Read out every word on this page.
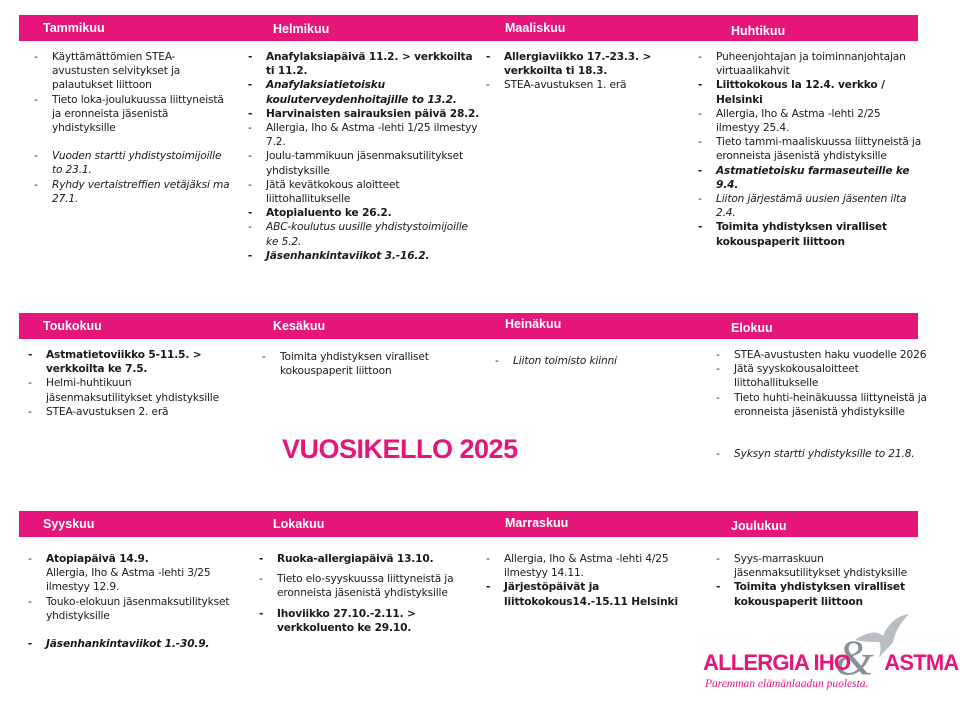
Tammikuu	Helmikuu	Maaliskuu	Huhtikuu
Toukokuu	Kesäkuu	Heinäkuu	Elokuu
Syyskuu	Lokakuu	Marraskuu	Joulukuu
- Käyttämättömien STEA-avustusten selvitykset ja palautukset liittoon
- Tieto loka-joulukuussa liittyneistä ja eronneista jäsenistä yhdistyksille
- Vuoden startti yhdistystoimijoille to 23.1.
- Ryhdy vertaistreffien vetäjäksi ma 27.1.
- Anafylaksiapäivä 11.2. > verkkoilta ti 11.2.
- Anafylaksiatietoisku kouluterveydenhoitajille to 13.2.
- Harvinaisten sairauksien päivä 28.2.
- Allergia, Iho & Astma -lehti 1/25 ilmestyy 7.2.
- Joulu-tammikuun jäsenmaksutilitykset yhdistyksille
- Jätä kevätkokous aloitteet liittohallitukselle
- Atopialuento ke 26.2.
- ABC-koulutus uusille yhdistystoimijoille ke 5.2.
- Jäsenhankintaviikot 3.-16.2.
- Allergiaviikko 17.-23.3. > verkkoilta ti 18.3.
- STEA-avustuksen 1. erä
- Puheenjohtajan ja toiminnanjohtajan virtuaalikahvit
- Liittokokous la 12.4. verkko / Helsinki
- Allergia, Iho & Astma -lehti 2/25 ilmestyy 25.4.
- Tieto tammi-maaliskuussa liittyneistä ja eronneista jäsenistä yhdistyksille
- Astmatietoisku farmaseuteille ke 9.4.
- Liiton järjestämä uusien jäsenten ilta 2.4.
- Toimita yhdistyksen viralliset kokouspaperit liittoon
- Astmatietoviikko 5-11.5. > verkkoilta ke 7.5.
- Helmi-huhtikuun jäsenmaksutilitykset yhdistyksille
- STEA-avustuksen 2. erä
- Toimita yhdistyksen viralliset kokouspaperit liittoon
- Liiton toimisto kiinni
-	STEA-avustusten haku vuodelle 2026
- Jätä syyskokousaloitteet liittohallitukselle
- Tieto huhti-heinäkuussa liittyneistä ja eronneista jäsenistä yhdistyksille
- Syksyn startti yhdistyksille to 21.8.
VUOSIKELLO 2025
- Atopiapäivä 14.9.
Allergia, Iho & Astma -lehti 3/25 ilmestyy 12.9.
- Touko-elokuun jäsenmaksutilitykset yhdistyksille
- Jäsenhankintaviikot 1.-30.9.
- Ruoka-allergiapäivä 13.10.
- Tieto elo-syyskuussa liittyneistä ja eronneista jäsenistä yhdistyksille
- Ihoviikko 27.10.-2.11. > verkkoluento ke 29.10.
- Allergia, Iho & Astma -lehti 4/25 ilmestyy 14.11.
- Järjestöpäivät ja liittokokous14.-15.11 Helsinki
- Syys-marraskuun jäsenmaksutilitykset yhdistyksille
- Toimita yhdistyksen viralliset kokouspaperit liittoon
&
ALLERGIA IHO ASTMA
Paremman elämänlaadun puolesta.
